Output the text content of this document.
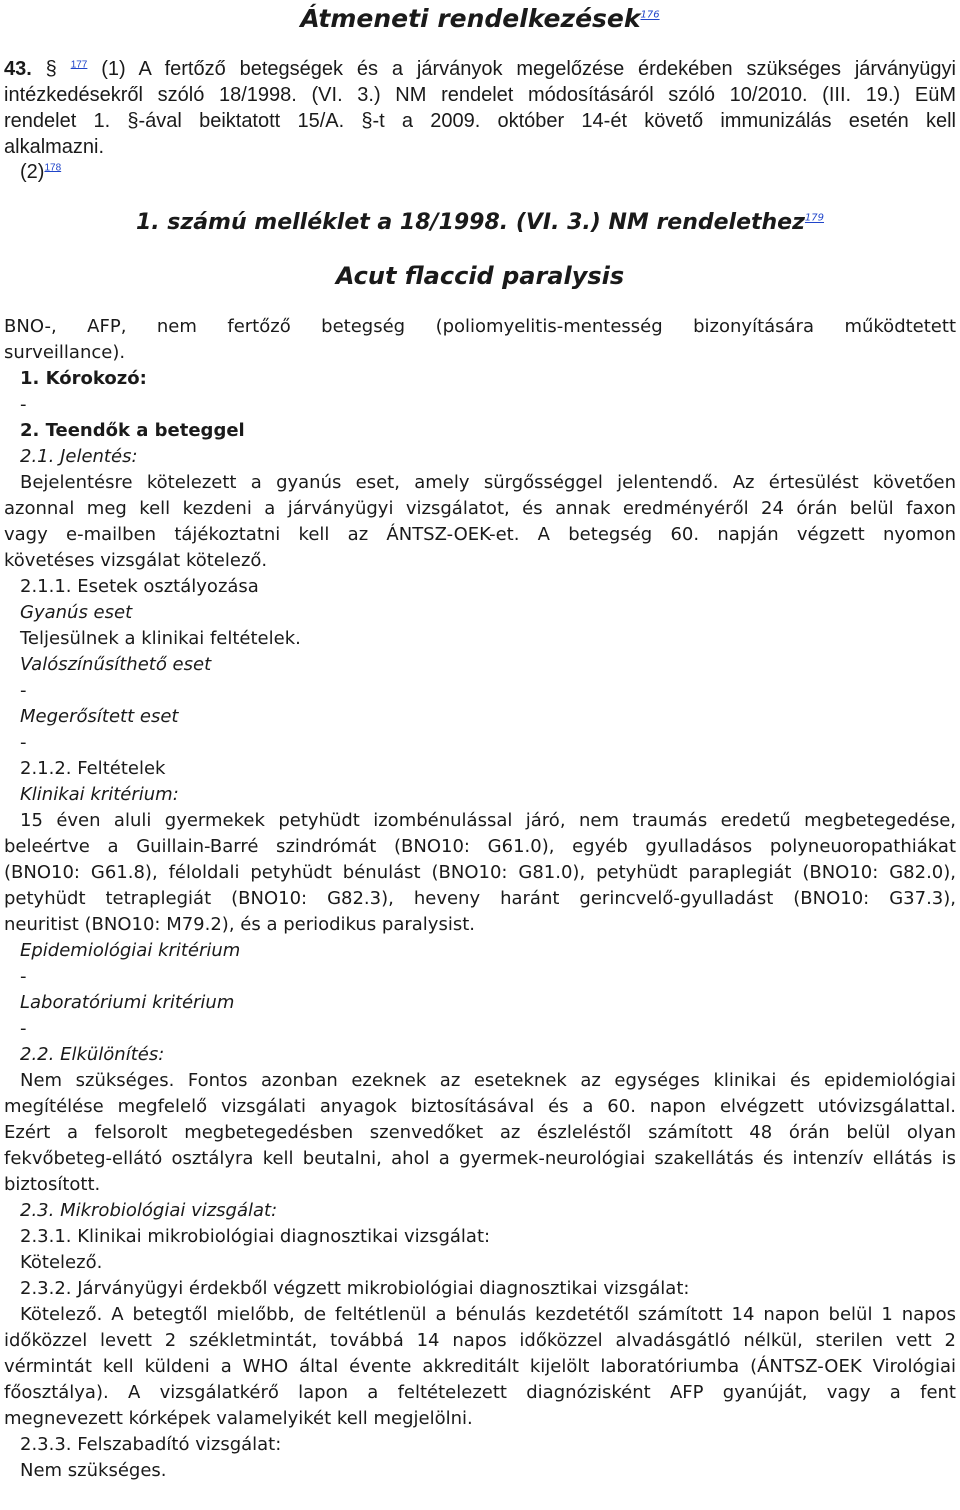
Átmeneti rendelkezések$^{176}$
43. § $^{177}$ (1) A fertőző betegségek és a járványok megelőzése érdekében szükséges járványügyi
intézkedésekről szóló 18/1998. (VI. 3.) NM rendelet módosításáról szóló 10/2010. (III. 19.) EüM
rendelet 1. §-ával beiktatott 15/A. §-t a 2009. október 14-ét követő immunizálás esetén kell
alkalmazni.
$(2)^{178}$
1. számú melléklet a 18/1998. (VI. 3.) NM rendelethez$^{179}$
Acut flaccid paralysis
BNO-, AFP, nem fertőző betegség (poliomyelitis-mentesség bizonyítására működtetett
surveillance).
1. Kórokozó:
-
2. Teendők a beteggel
2.1. Jelentés:
Bejelentésre kötelezett a gyanús eset, amely sürgősséggel jelentendő. Az értesülést követően
azonnal meg kell kezdeni a járványügyi vizsgálatot, és annak eredményéről 24 órán belül faxon
vagy e-mailben tájékoztatni kell az ÁNTSZ-OEK-et. A betegség 60. napján végzett nyomon
követéses vizsgálat kötelező.
2.1.1. Esetek osztályozása
Gyanús eset
Teljesülnek a klinikai feltételek.
Valószínűsíthető eset
-
Megerősített eset
-
2.1.2. Feltételek
Klinikai kritérium:
15 éven aluli gyermekek petyhüdt izombénulással járó, nem traumás eredetű megbetegedése,
beleértve a Guillain-Barré szindrómát (BNO10: G61.0), egyéb gyulladásos polyneuoropathiákat
(BNO10: G61.8), féloldali petyhüdt bénulást (BNO10: G81.0), petyhüdt paraplegiát (BNO10: G82.0),
petyhüdt tetraplegiát (BNO10: G82.3), heveny haránt gerincvelő-gyulladást (BNO10: G37.3),
neuritist (BNO10: M79.2), és a periodikus paralysist.
Epidemiológiai kritérium
-
Laboratóriumi kritérium
-
2.2. Elkülönítés:
Nem szükséges. Fontos azonban ezeknek az eseteknek az egységes klinikai és epidemiológiai
megítélése megfelelő vizsgálati anyagok biztosításával és a 60. napon elvégzett utóvizsgálattal.
Ezért a felsorolt megbetegedésben szenvedőket az észleléstől számított 48 órán belül olyan
fekvőbeteg-ellátó osztályra kell beutalni, ahol a gyermek-neurológiai szakellátás és intenzív ellátás is
biztosított.
2.3. Mikrobiológiai vizsgálat:
2.3.1. Klinikai mikrobiológiai diagnosztikai vizsgálat:
Kötelező.
2.3.2. Járványügyi érdekből végzett mikrobiológiai diagnosztikai vizsgálat:
Kötelező. A betegtől mielőbb, de feltétlenül a bénulás kezdetétől számított 14 napon belül 1 napos
időközzel levett 2 székletmintát, továbbá 14 napos időközzel alvadásgátló nélkül, sterilen vett 2
vérmintát kell küldeni a WHO által évente akkreditált kijelölt laboratóriumba (ÁNTSZ-OEK Virológiai
főosztálya). A vizsgálatkérő lapon a feltételezett diagnózisként AFP gyanúját, vagy a fent
megnevezett kórképek valamelyikét kell megjelölni.
2.3.3. Felszabadító vizsgálat:
Nem szükséges.
